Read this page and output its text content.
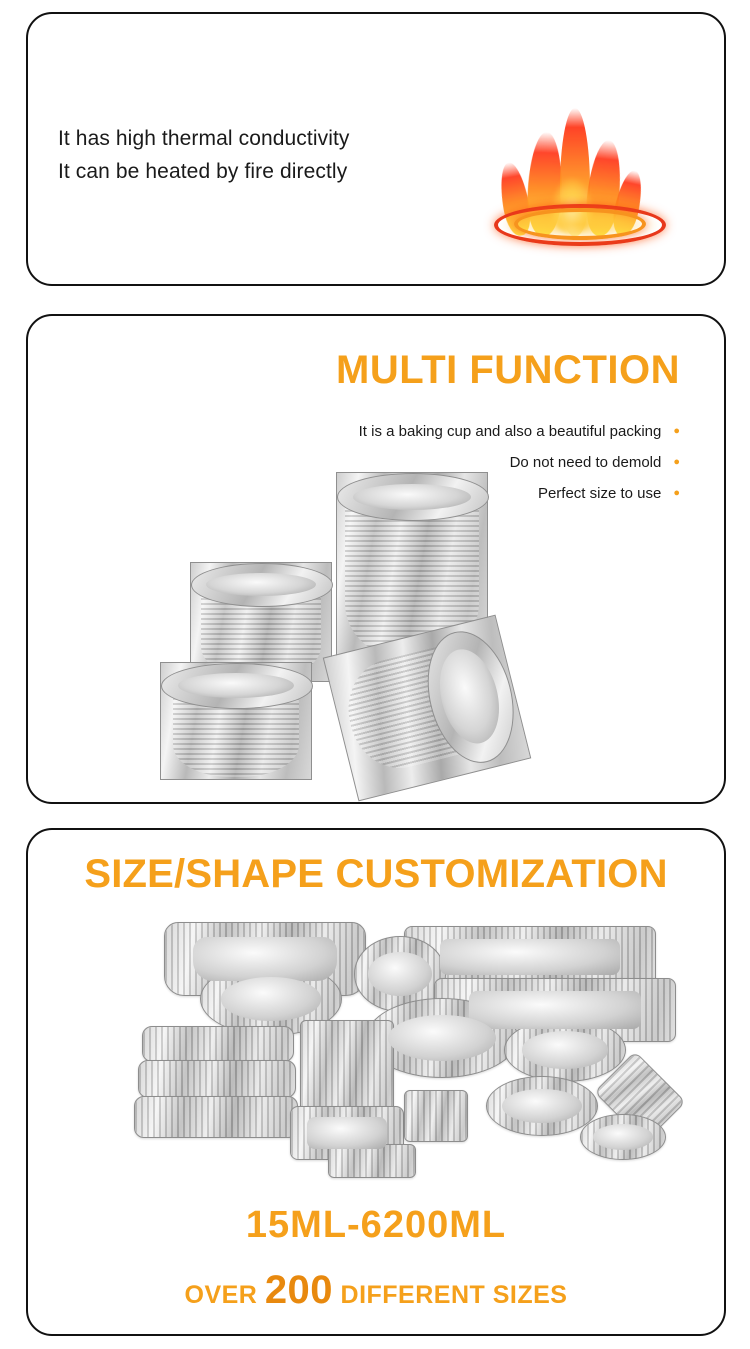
It has high thermal conductivity
It can be heated by fire directly
MULTI FUNCTION
It is a baking cup and also a beautiful packing ●
Do not need to demold ●
Perfect size to use ●
SIZE/SHAPE CUSTOMIZATION
15ML-6200ML
OVER 200 DIFFERENT SIZES
